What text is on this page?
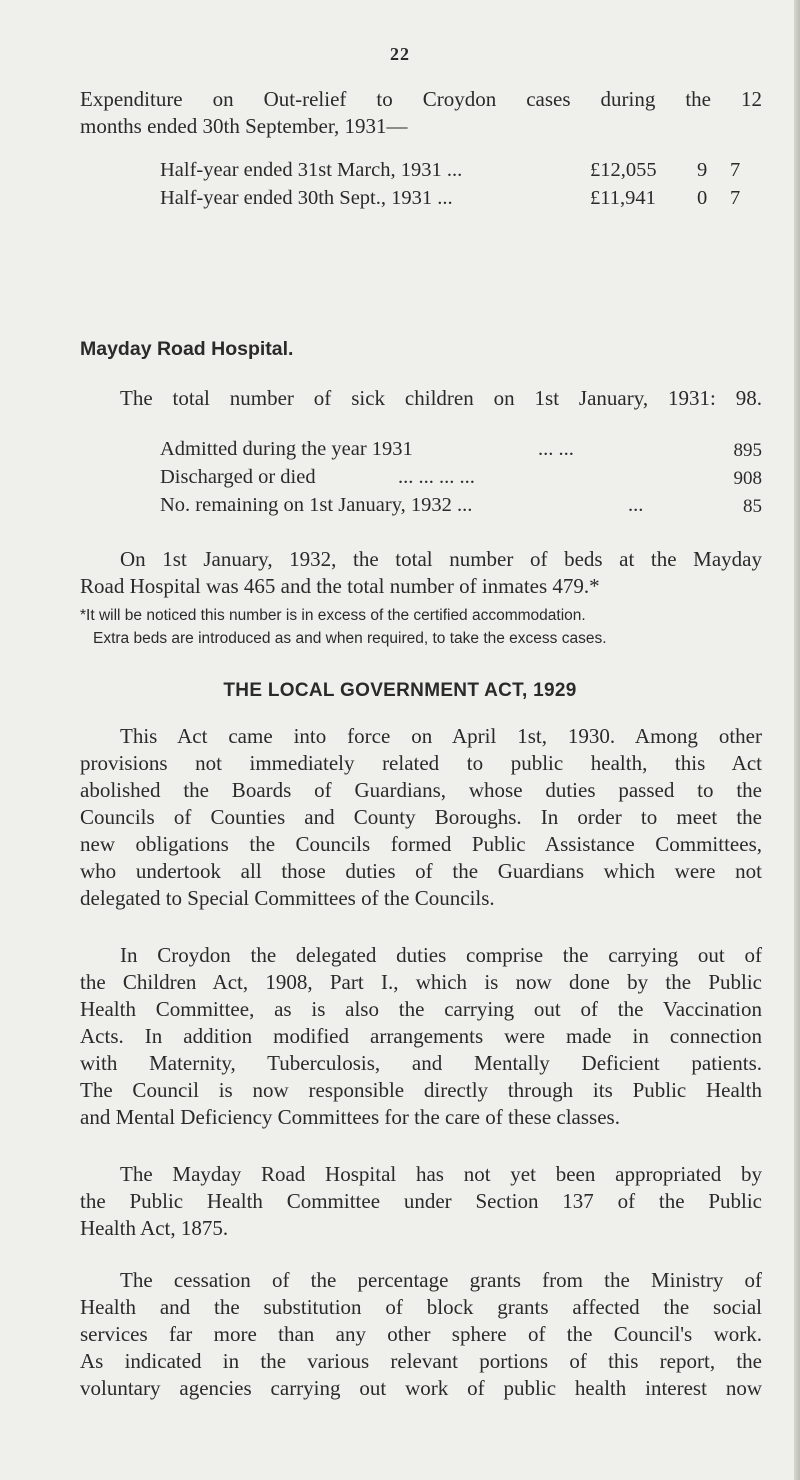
22
Expenditure on Out-relief to Croydon cases during the 12
months ended 30th September, 1931—
Half-year ended 31st March, 1931 ...	£12,055 9 7
Half-year ended 30th Sept., 1931 ...	£11,941 0 7
Mayday Road Hospital.
The total number of sick children on 1st January, 1931: 98.
Admitted during the year 1931	... ...	895
Discharged or died	... ... ... ...	908
No. remaining on 1st January, 1932 ...	...	85
On 1st January, 1932, the total number of beds at the Mayday
Road Hospital was 465 and the total number of inmates 479.*
*It will be noticed this number is in excess of the certified accommodation.
Extra beds are introduced as and when required, to take the excess cases.
THE LOCAL GOVERNMENT ACT, 1929
This Act came into force on April 1st, 1930. Among other
provisions not immediately related to public health, this Act
abolished the Boards of Guardians, whose duties passed to the
Councils of Counties and County Boroughs. In order to meet the
new obligations the Councils formed Public Assistance Committees,
who undertook all those duties of the Guardians which were not
delegated to Special Committees of the Councils.
In Croydon the delegated duties comprise the carrying out of
the Children Act, 1908, Part I., which is now done by the Public
Health Committee, as is also the carrying out of the Vaccination
Acts. In addition modified arrangements were made in connection
with Maternity, Tuberculosis, and Mentally Deficient patients.
The Council is now responsible directly through its Public Health
and Mental Deficiency Committees for the care of these classes.
The Mayday Road Hospital has not yet been appropriated by
the Public Health Committee under Section 137 of the Public
Health Act, 1875.
The cessation of the percentage grants from the Ministry of
Health and the substitution of block grants affected the social
services far more than any other sphere of the Council's work.
As indicated in the various relevant portions of this report, the
voluntary agencies carrying out work of public health interest now
